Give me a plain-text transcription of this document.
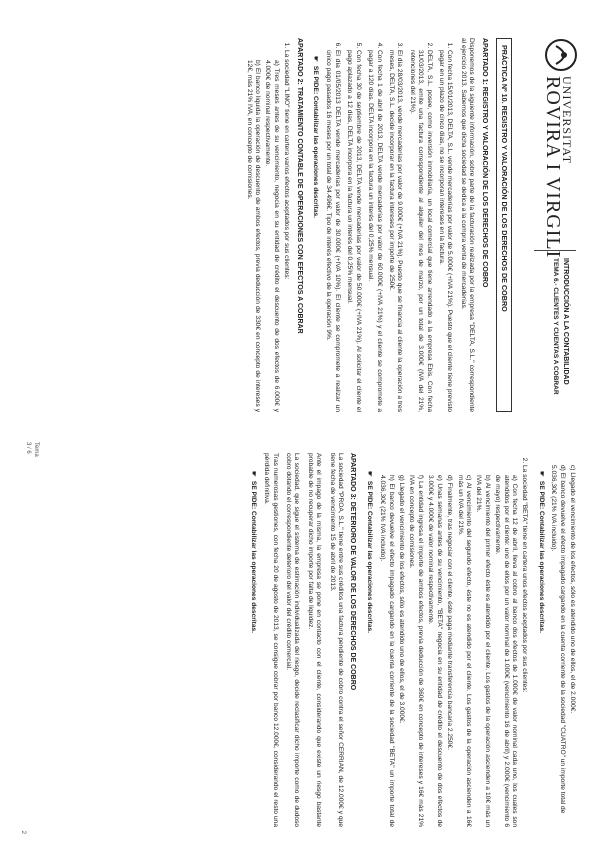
UNIVERSITAT
ROVIRA I VIRGILI
INTRODUCCIÓN A LA CONTABILIDAD
TEMA 6.- CLIENTES Y CUENTAS A COBRAR
PRÁCTICA Nº 10. REGISTRO Y VALORACIÓN DE LOS DERECHOS DE COBRO
APARTADO 1: REGISTRO Y VALORACIÓN DE LOS DERECHOS DE COBRO

Disponemos de la siguiente información, sobre parte de la facturación realizada por la empresa "DELTA, S.L." correspondiente al ejercicio 2013. Sabemos que dicha sociedad se dedica a la compra venta de mercaderías.

1. Con fecha 15/01/2013, DELTA, S.L. vende mercaderías por valor de 5.000€ (+IVA 21%). Puesto que el cliente tiene previsto pagar en un plazo de cinco días, no se incorporan intereses en la factura.
2. DELTA, S.L. posee, como inversión inmobiliaria, un local comercial que tiene arrendado a la empresa Ebis. Con fecha 31/03/2013, emite una factura correspondiente al alquiler del mes de marzo, por un total de 3.000€ (IVA del 21%, retenciones del 21%).
3. El día 28/03/2013, vende mercaderías por valor de 9.000€ (+IVA 21%). Puesto que se financia al cliente la operación a tres meses, DELTA, S.L. decide incorporar en la factura intereses por importe de 250€.
4. Con fecha 1 de abril de 2013, DELTA vende mercaderías por valor de 60.000€ (+IVA 21%) y el cliente se compromete a pagar a 120 días. DELTA incorpora en la factura un interés del 0,25% mensual.
5. Con fecha 30 de septiembre de 2013, DELTA vende mercaderías por valor de 50.000€ (+IVA 21%). Al solicitar el cliente el pago aplazado a 12 días, DELTA incorpora en la factura un interés del 0,25% mensual.
6. El día 01/05/2013 DELTA vende mercaderías por valor de 30.000€ (+IVA 10%). El cliente se compromete a realizar un único pago pasados 16 meses por un total de 34.496€. Tipo de interés efectivo de la operación 9%.
☛SE PIDE: Contabilizar las operaciones descritas.
APARTADO 2: TRATAMIENTO CONTABLE DE OPERACIONES CON EFECTOS A COBRAR
1. La sociedad "LINO" tiene en cartera varios efectos aceptados por sus clientes:
a) Tres meses antes de su vencimiento, negocia en su entidad de crédito el descuento de dos efectos de 6.000€ y 4.000€ de nominal respectivamente.
b) El banco liquida la operación de descuento de ambos efectos, previa deducción de 330€ en concepto de intereses y 12€, más 21% IVA, en concepto de comisiones.
Tema 3 / 6
c) Llegado el vencimiento de los efectos, sólo es atendido uno de ellos, el de 2.000€.
d) El banco devuelve el efecto impagado cargando en la cuenta corriente de la sociedad "CUATRO" un importe total de 5.036,30€ (21% IVA incluido).
☛SE PIDE: Contabilizar las operaciones descritas.
2. La sociedad "BETA" tiene en cartera unos efectos aceptados por sus clientes:
a) Con fecha 12 de abril, lleva al cobro al banco dos efectos de 1.000€ de valor nominal cada uno, los cuales son atendidos por el cliente: uno de ellos por un valor nominal de 1.000€ (vencimiento 16 de abril) y 2.000€ (vencimiento 6 de mayo) respectivamente.
b) Al vencimiento del primer efecto éste es atendido por el cliente. Los gastos de la operación ascienden a 10€ más un IVA del 21%.
c) Al vencimiento del segundo efecto, éste no es atendido por el cliente. Los gastos de la operación ascienden a 16€ más un IVA del 21%.
d) Finalmente, tras negociar con el cliente, éste paga mediante transferencia bancaria 2.250€.
e) Unas semanas antes de su vencimiento, "BETA" negocia en su entidad de crédito el descuento de dos efectos de 3.000€ y 4.000€ de valor nominal respectivamente.
f) La entidad ingresa el importe de ambos efectos, previa deducción de 360€ en concepto de intereses y 16€ más 21% IVA en concepto de comisiones.
g) Llegado el vencimiento de los efectos, sólo es atendido uno de ellos, el de 3.000€.
h) El banco devuelve el efecto impagado cargando en la cuenta corriente de la sociedad "BETA" un importe total de 4.036,30€ (21% IVA incluido).
☛SE PIDE: Contabilizar las operaciones descritas.
APARTADO 3: DETERIORO DE VALOR DE LOS DERECHOS DE COBRO

La sociedad "PROA, S.L." tiene entre sus créditos una factura pendiente de cobro contra el señor CERRIAN, de 12.000€ y que tiene fecha de vencimiento 15 de abril de 2013.

Ante el impago de la misma, la empresa se pone en contacto con el cliente, considerando que existe un riesgo bastante probable de no recuperar dicho importe por falta de liquidez.

La sociedad, que sigue el sistema de estimación individualizada del riesgo, decide reclasificar dicho importe como de dudoso cobro dotando el correspondiente deterioro del valor del crédito comercial.

Tras numerosas gestiones, con fecha 20 de agosto de 2013, se consigue cobrar por banco 12.000€, considerando el resto una pérdida definitiva.

☛SE PIDE: Contabilizar las operaciones descritas.
2
